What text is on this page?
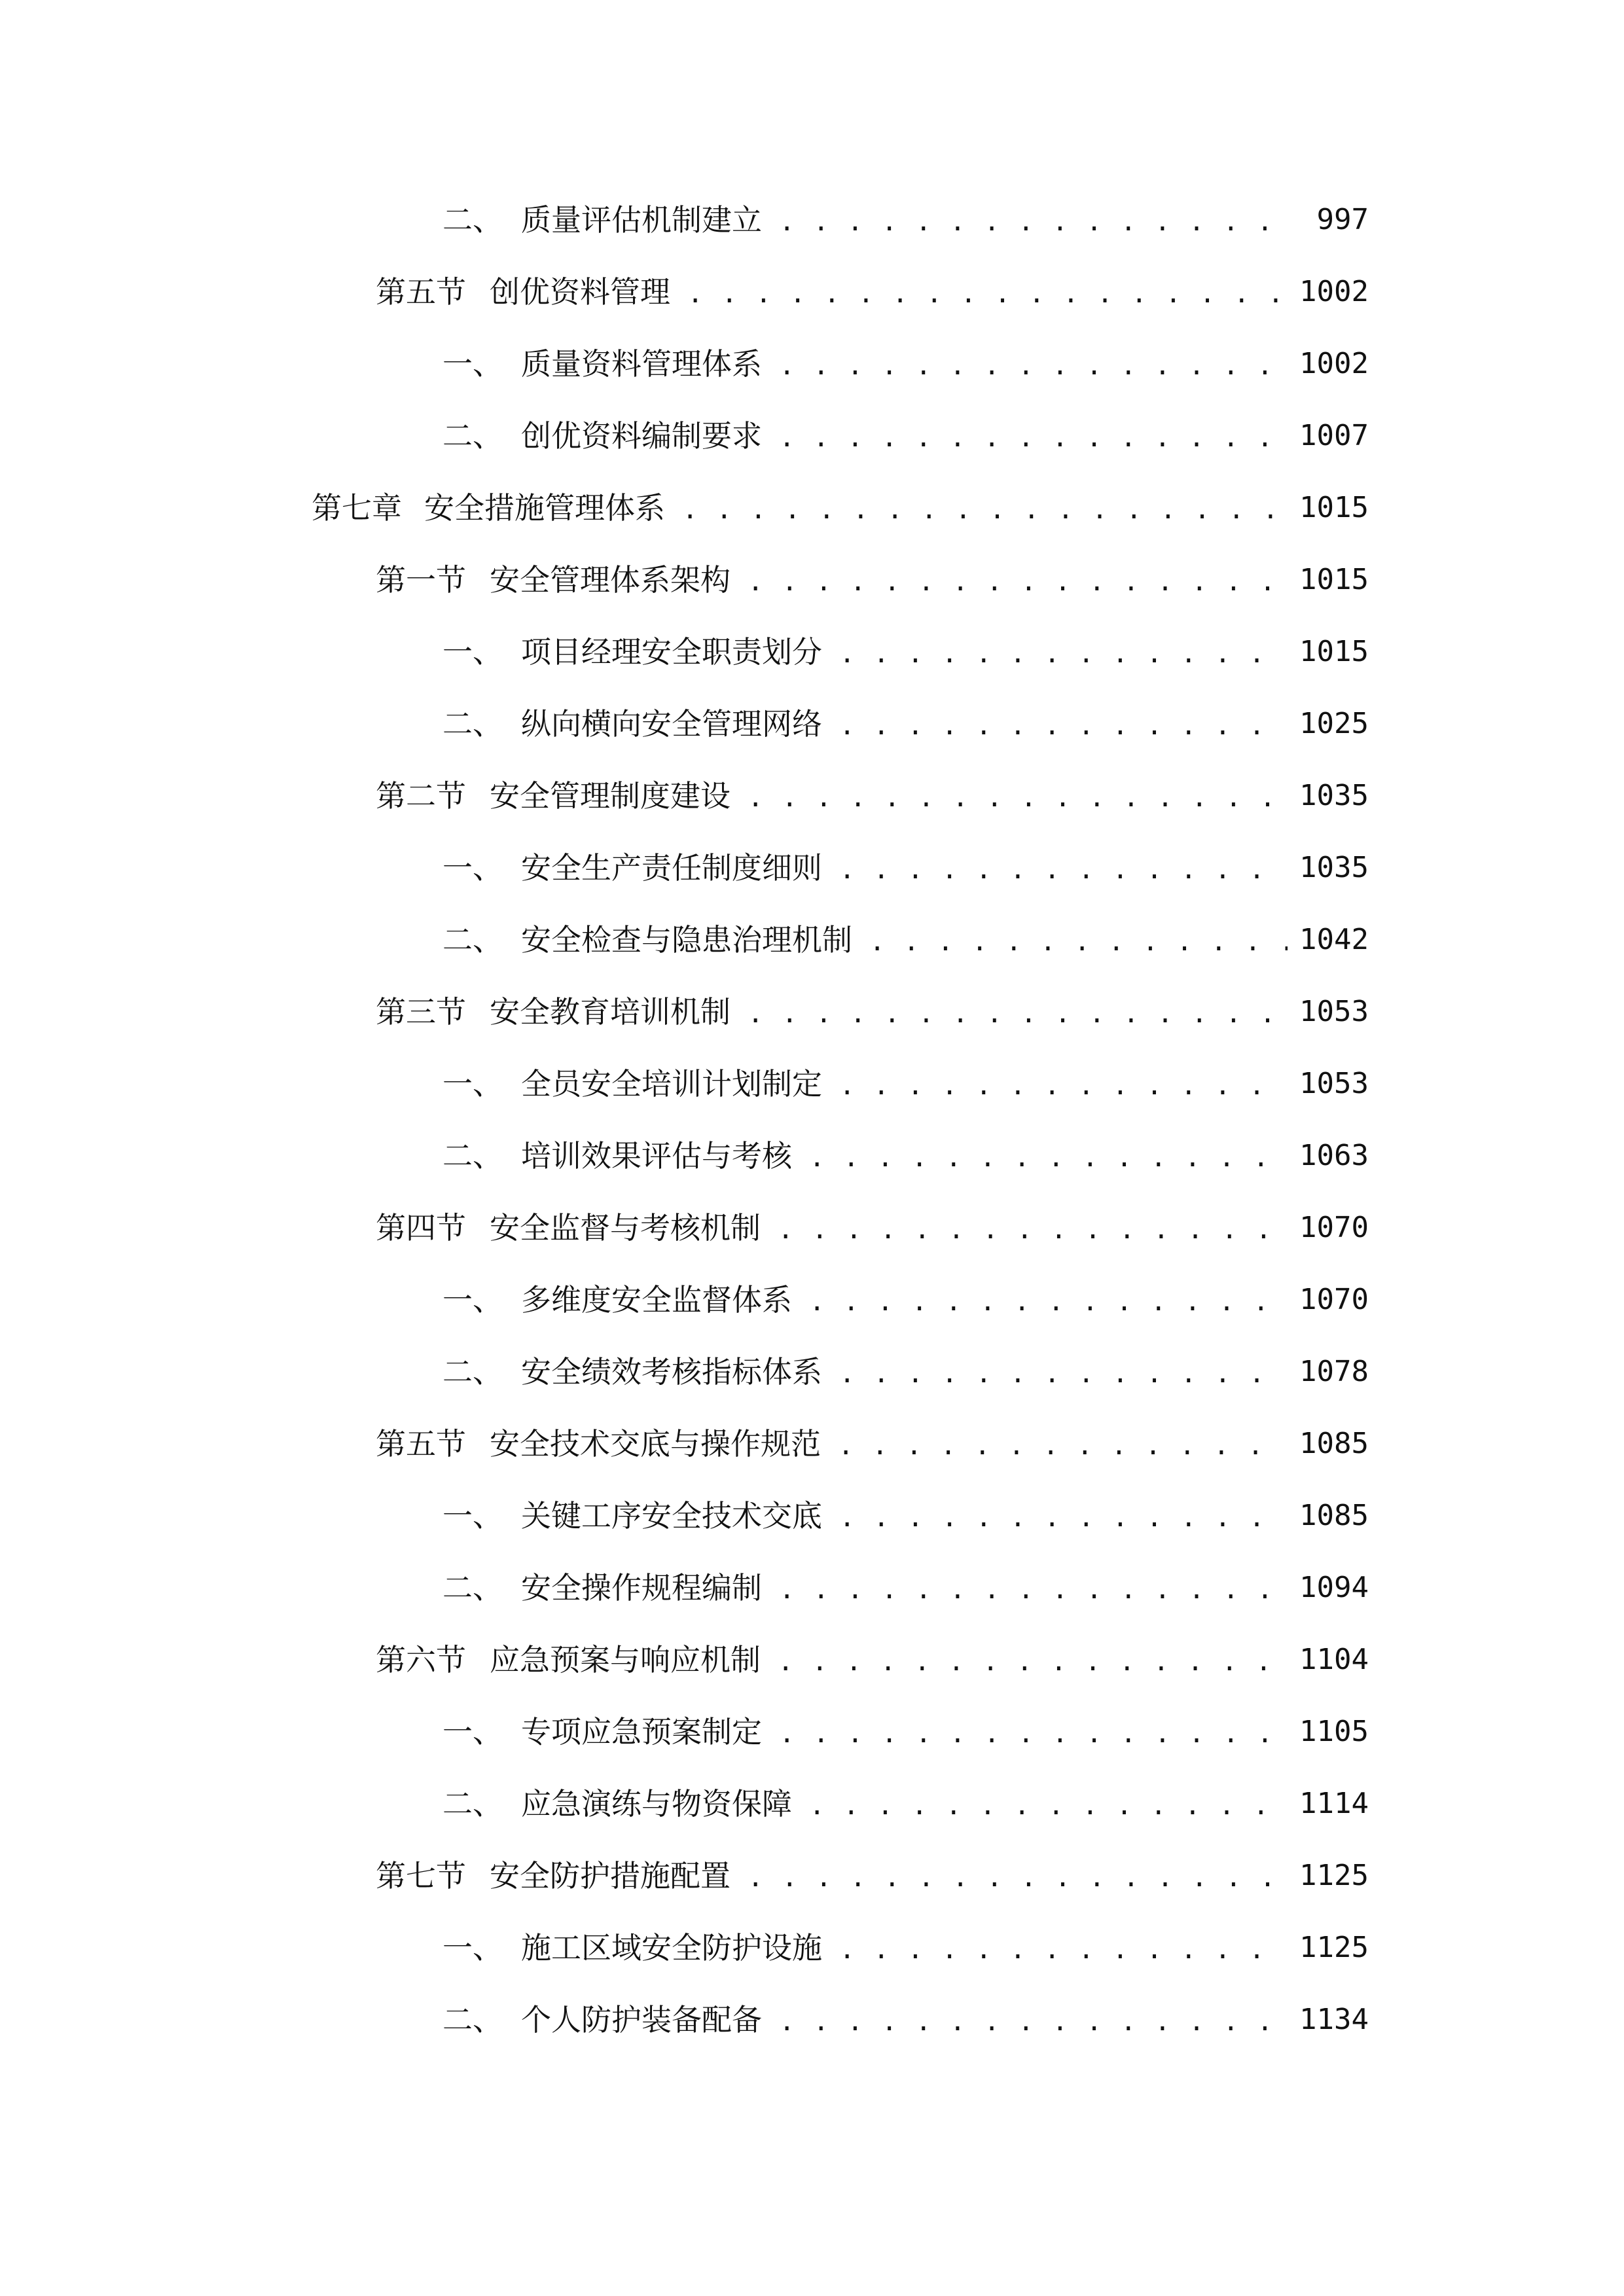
二、 质量评估机制建立 . . .	997
第五节 创优资料管理 . . .	1002
一、 质量资料管理体系 . . .	1002
二、 创优资料编制要求 . . .	1007
第七章 安全措施管理体系 . . .	1015
第一节 安全管理体系架构 . . .	1015
一、 项目经理安全职责划分 . . .	1015
二、 纵向横向安全管理网络 . . .	1025
第二节 安全管理制度建设 . . .	1035
一、 安全生产责任制度细则 . . .	1035
二、 安全检查与隐患治理机制 . . .	1042
第三节 安全教育培训机制 . . .	1053
一、 全员安全培训计划制定 . . .	1053
二、 培训效果评估与考核 . . .	1063
第四节 安全监督与考核机制 . . .	1070
一、 多维度安全监督体系 . . .	1070
二、 安全绩效考核指标体系 . . .	1078
第五节 安全技术交底与操作规范 . . .	1085
一、 关键工序安全技术交底 . . .	1085
二、 安全操作规程编制 . . .	1094
第六节 应急预案与响应机制 . . .	1104
一、 专项应急预案制定 . . .	1105
二、 应急演练与物资保障 . . .	1114
第七节 安全防护措施配置 . . .	1125
一、 施工区域安全防护设施 . . .	1125
二、 个人防护装备配备 . . .	1134
